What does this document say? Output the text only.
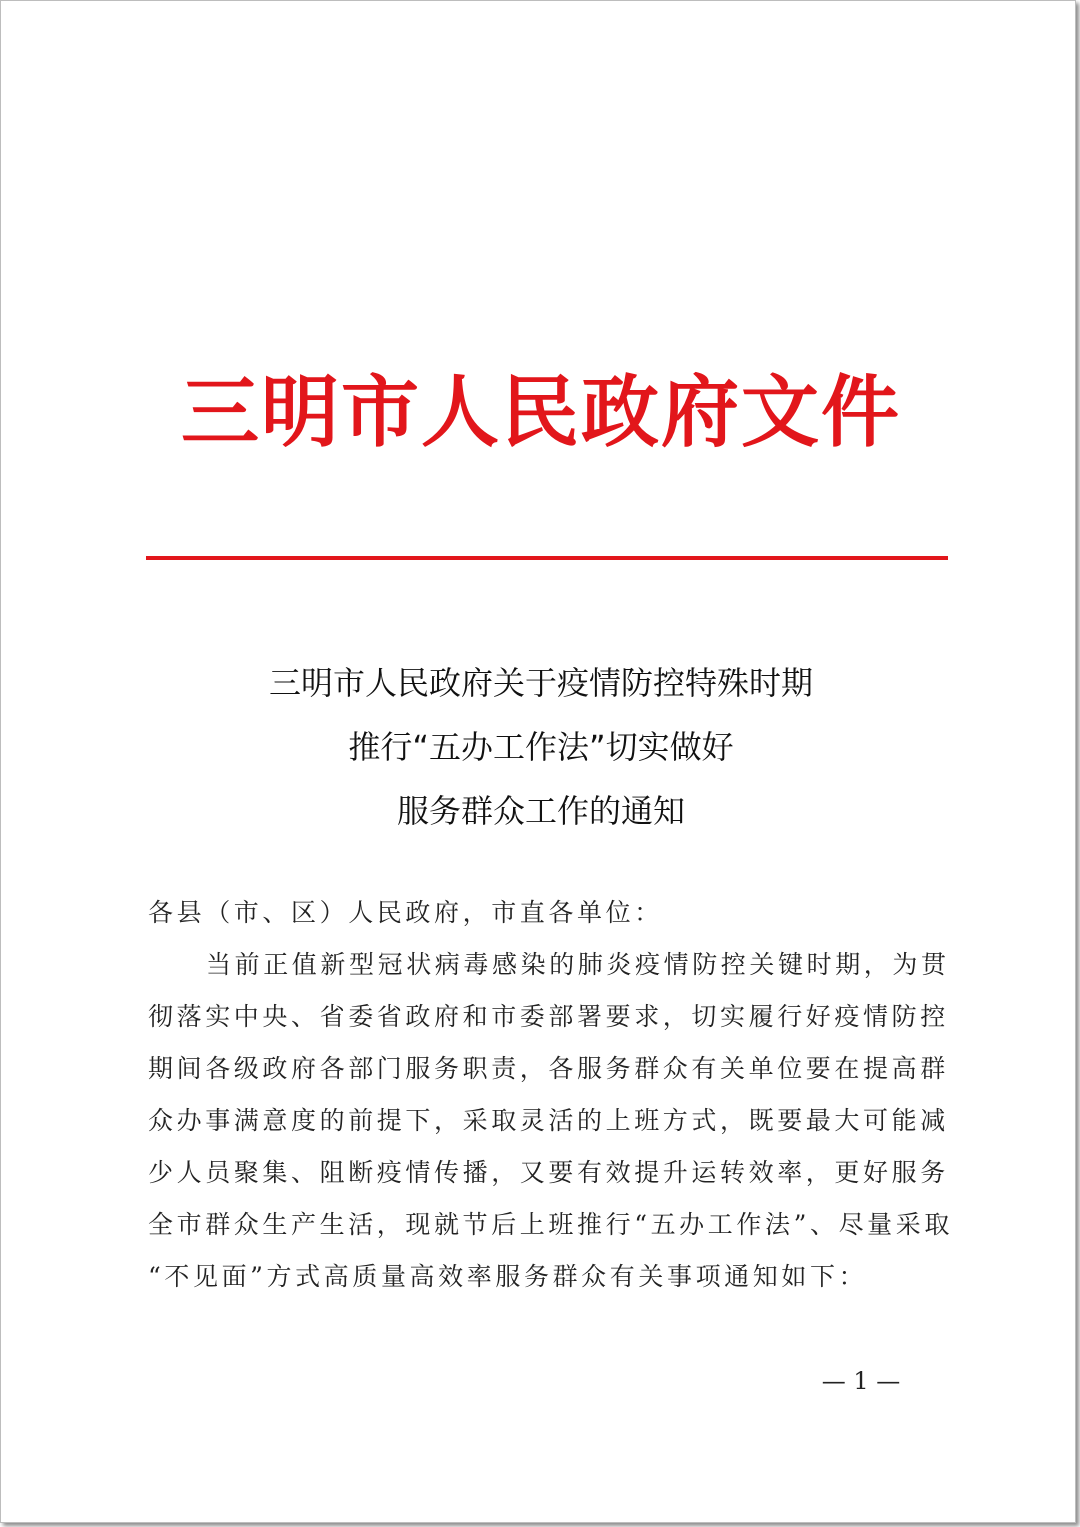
三明市人民政府文件
三明市人民政府关于疫情防控特殊时期
推行“五办工作法”切实做好
服务群众工作的通知
各县（市、区）人民政府，市直各单位：
当前正值新型冠状病毒感染的肺炎疫情防控关键时期，为贯
彻落实中央、省委省政府和市委部署要求，切实履行好疫情防控
期间各级政府各部门服务职责，各服务群众有关单位要在提高群
众办事满意度的前提下，采取灵活的上班方式，既要最大可能减
少人员聚集、阻断疫情传播，又要有效提升运转效率，更好服务
全市群众生产生活，现就节后上班推行“五办工作法”、尽量采取
“不见面”方式高质量高效率服务群众有关事项通知如下：
— 1 —
